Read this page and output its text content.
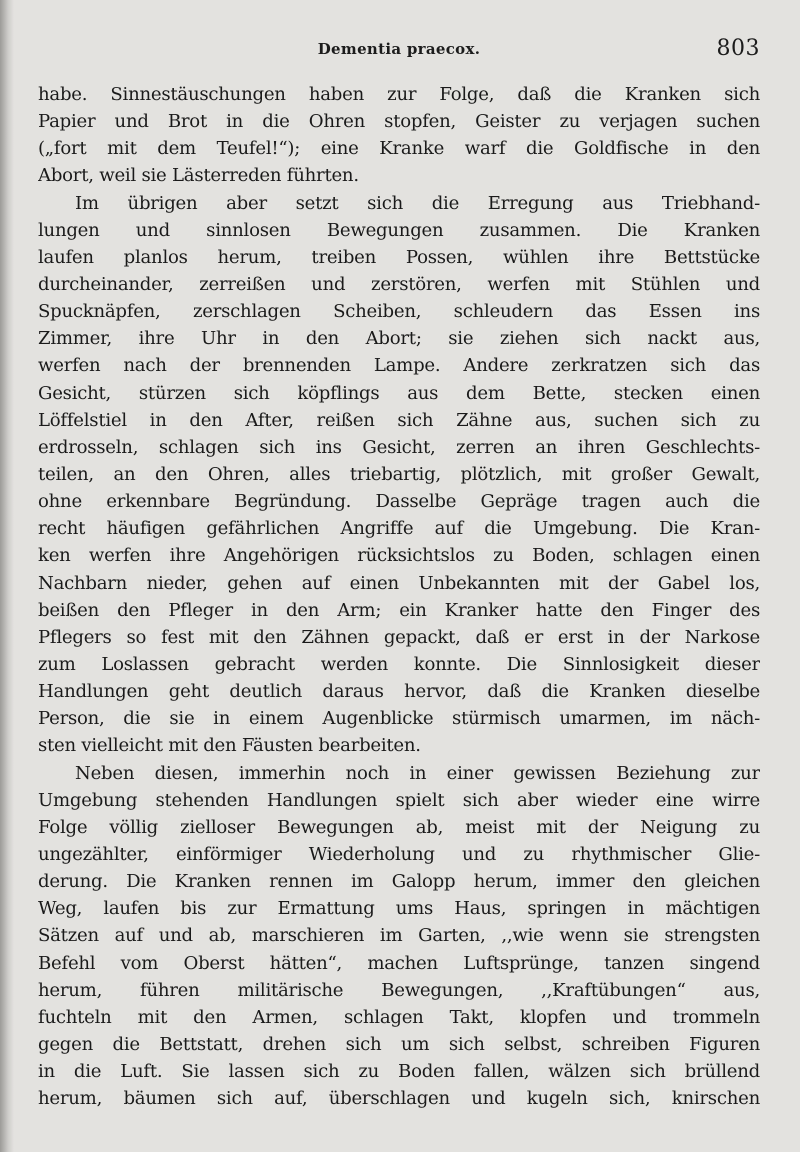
Dementia praecox.	803
habe. Sinnestäuschungen haben zur Folge, daß die Kranken sich
Papier und Brot in die Ohren stopfen, Geister zu verjagen suchen
(„fort mit dem Teufel!“); eine Kranke warf die Goldfische in den
Abort, weil sie Lästerreden führten.
Im übrigen aber setzt sich die Erregung aus Triebhand-
lungen und sinnlosen Bewegungen zusammen. Die Kranken
laufen planlos herum, treiben Possen, wühlen ihre Bettstücke
durcheinander, zerreißen und zerstören, werfen mit Stühlen und
Spucknäpfen, zerschlagen Scheiben, schleudern das Essen ins
Zimmer, ihre Uhr in den Abort; sie ziehen sich nackt aus,
werfen nach der brennenden Lampe. Andere zerkratzen sich das
Gesicht, stürzen sich köpflings aus dem Bette, stecken einen
Löffelstiel in den After, reißen sich Zähne aus, suchen sich zu
erdrosseln, schlagen sich ins Gesicht, zerren an ihren Geschlechts-
teilen, an den Ohren, alles triebartig, plötzlich, mit großer Gewalt,
ohne erkennbare Begründung. Dasselbe Gepräge tragen auch die
recht häufigen gefährlichen Angriffe auf die Umgebung. Die Kran-
ken werfen ihre Angehörigen rücksichtslos zu Boden, schlagen einen
Nachbarn nieder, gehen auf einen Unbekannten mit der Gabel los,
beißen den Pfleger in den Arm; ein Kranker hatte den Finger des
Pflegers so fest mit den Zähnen gepackt, daß er erst in der Narkose
zum Loslassen gebracht werden konnte. Die Sinnlosigkeit dieser
Handlungen geht deutlich daraus hervor, daß die Kranken dieselbe
Person, die sie in einem Augenblicke stürmisch umarmen, im näch-
sten vielleicht mit den Fäusten bearbeiten.
Neben diesen, immerhin noch in einer gewissen Beziehung zur
Umgebung stehenden Handlungen spielt sich aber wieder eine wirre
Folge völlig zielloser Bewegungen ab, meist mit der Neigung zu
ungezählter, einförmiger Wiederholung und zu rhythmischer Glie-
derung. Die Kranken rennen im Galopp herum, immer den gleichen
Weg, laufen bis zur Ermattung ums Haus, springen in mächtigen
Sätzen auf und ab, marschieren im Garten, ,,wie wenn sie strengsten
Befehl vom Oberst hätten“, machen Luftsprünge, tanzen singend
herum, führen militärische Bewegungen, ,,Kraftübungen“ aus,
fuchteln mit den Armen, schlagen Takt, klopfen und trommeln
gegen die Bettstatt, drehen sich um sich selbst, schreiben Figuren
in die Luft. Sie lassen sich zu Boden fallen, wälzen sich brüllend
herum, bäumen sich auf, überschlagen und kugeln sich, knirschen
